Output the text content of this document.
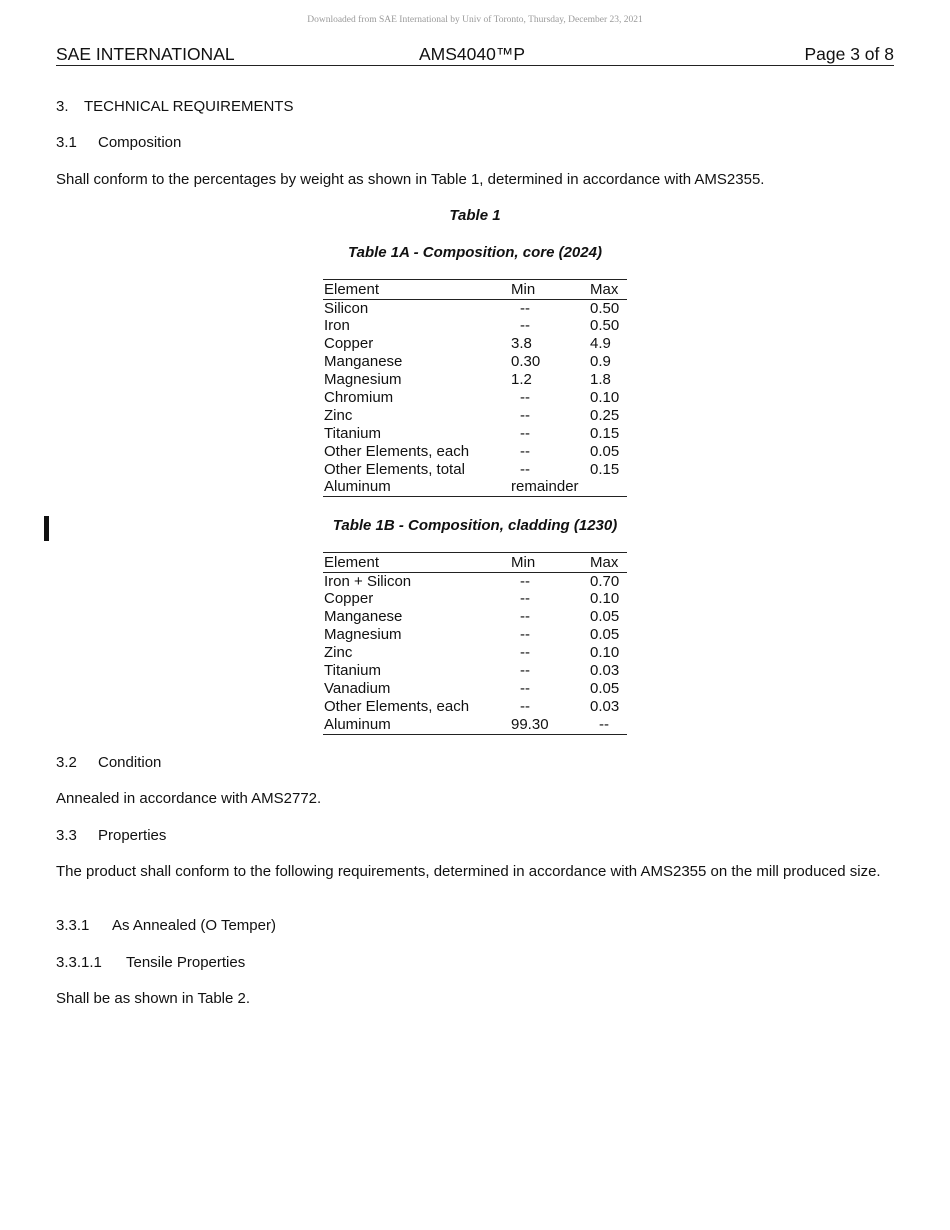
Downloaded from SAE International by Univ of Toronto, Thursday, December 23, 2021
SAE INTERNATIONAL	AMS4040™P	Page 3 of 8
3. TECHNICAL REQUIREMENTS
3.1 Composition
Shall conform to the percentages by weight as shown in Table 1, determined in accordance with AMS2355.
Table 1
Table 1A - Composition, core (2024)
Element	Min	Max
Silicon	--	0.50
Iron	--	0.50
Copper	3.8	4.9
Manganese	0.30	0.9
Magnesium	1.2	1.8
Chromium	--	0.10
Zinc	--	0.25
Titanium	--	0.15
Other Elements, each	--	0.05
Other Elements, total	--	0.15
Aluminum	remainder
Table 1B - Composition, cladding (1230)
Element	Min	Max
Iron + Silicon	--	0.70
Copper	--	0.10
Manganese	--	0.05
Magnesium	--	0.05
Zinc	--	0.10
Titanium	--	0.03
Vanadium	--	0.05
Other Elements, each	--	0.03
Aluminum	99.30	--
3.2 Condition
Annealed in accordance with AMS2772.
3.3 Properties
The product shall conform to the following requirements, determined in accordance with AMS2355 on the mill produced size.
3.3.1 As Annealed (O Temper)
3.3.1.1 Tensile Properties
Shall be as shown in Table 2.
